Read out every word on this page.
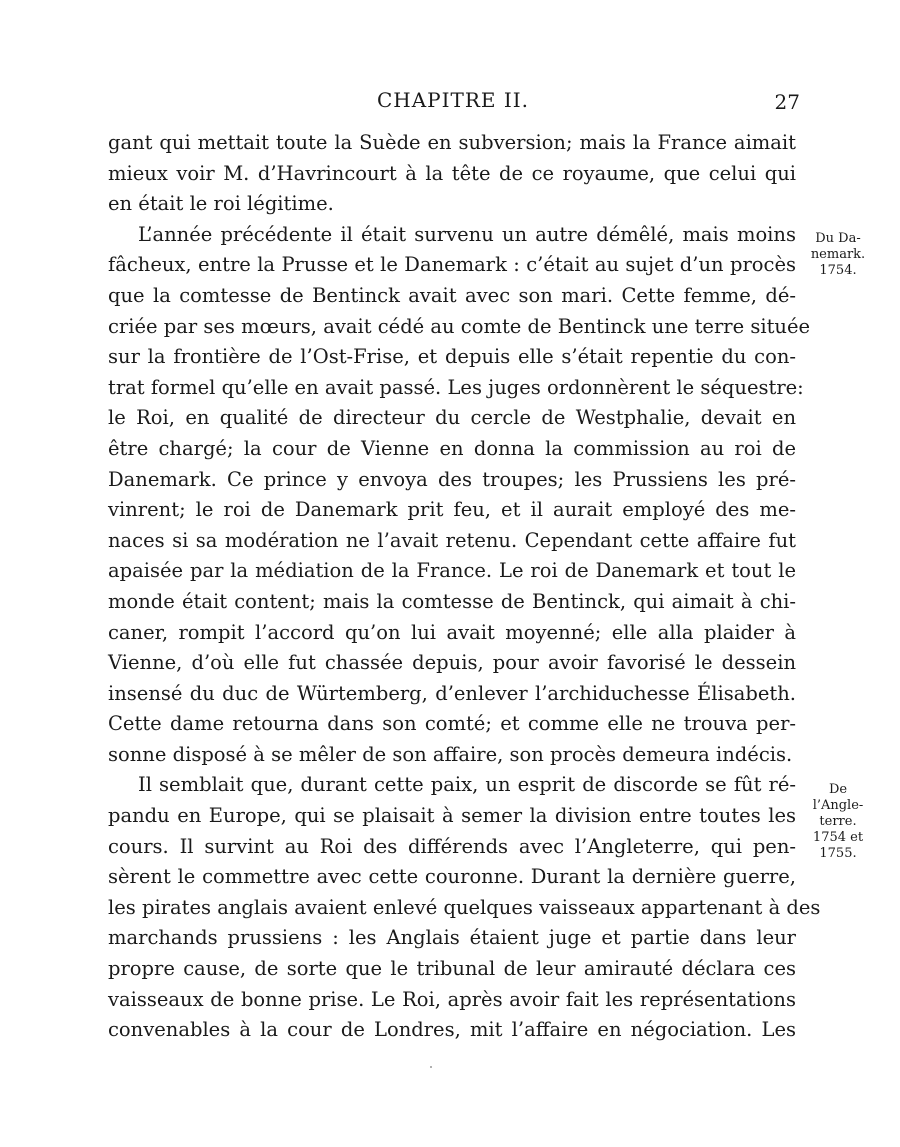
CHAPITRE II.	27
gant qui mettait toute la Suède en subversion; mais la France aimait
mieux voir M. d’Havrincourt à la tête de ce royaume, que celui qui
en était le roi légitime.
L’année précédente il était survenu un autre démêlé, mais moins
fâcheux, entre la Prusse et le Danemark : c’était au sujet d’un procès
que la comtesse de Bentinck avait avec son mari. Cette femme, dé-
criée par ses mœurs, avait cédé au comte de Bentinck une terre située
sur la frontière de l’Ost-Frise, et depuis elle s’était repentie du con-
trat formel qu’elle en avait passé. Les juges ordonnèrent le séquestre:
le Roi, en qualité de directeur du cercle de Westphalie, devait en
être chargé; la cour de Vienne en donna la commission au roi de
Danemark. Ce prince y envoya des troupes; les Prussiens les pré-
vinrent; le roi de Danemark prit feu, et il aurait employé des me-
naces si sa modération ne l’avait retenu. Cependant cette affaire fut
apaisée par la médiation de la France. Le roi de Danemark et tout le
monde était content; mais la comtesse de Bentinck, qui aimait à chi-
caner, rompit l’accord qu’on lui avait moyenné; elle alla plaider à
Vienne, d’où elle fut chassée depuis, pour avoir favorisé le dessein
insensé du duc de Würtemberg, d’enlever l’archiduchesse Élisabeth.
Cette dame retourna dans son comté; et comme elle ne trouva per-
sonne disposé à se mêler de son affaire, son procès demeura indécis.
Il semblait que, durant cette paix, un esprit de discorde se fût ré-
pandu en Europe, qui se plaisait à semer la division entre toutes les
cours. Il survint au Roi des différends avec l’Angleterre, qui pen-
sèrent le commettre avec cette couronne. Durant la dernière guerre,
les pirates anglais avaient enlevé quelques vaisseaux appartenant à des
marchands prussiens : les Anglais étaient juge et partie dans leur
propre cause, de sorte que le tribunal de leur amirauté déclara ces
vaisseaux de bonne prise. Le Roi, après avoir fait les représentations
convenables à la cour de Londres, mit l’affaire en négociation. Les
Du Da-
nemark.
1754.
De
l’Angle-
terre.
1754 et
1755.
